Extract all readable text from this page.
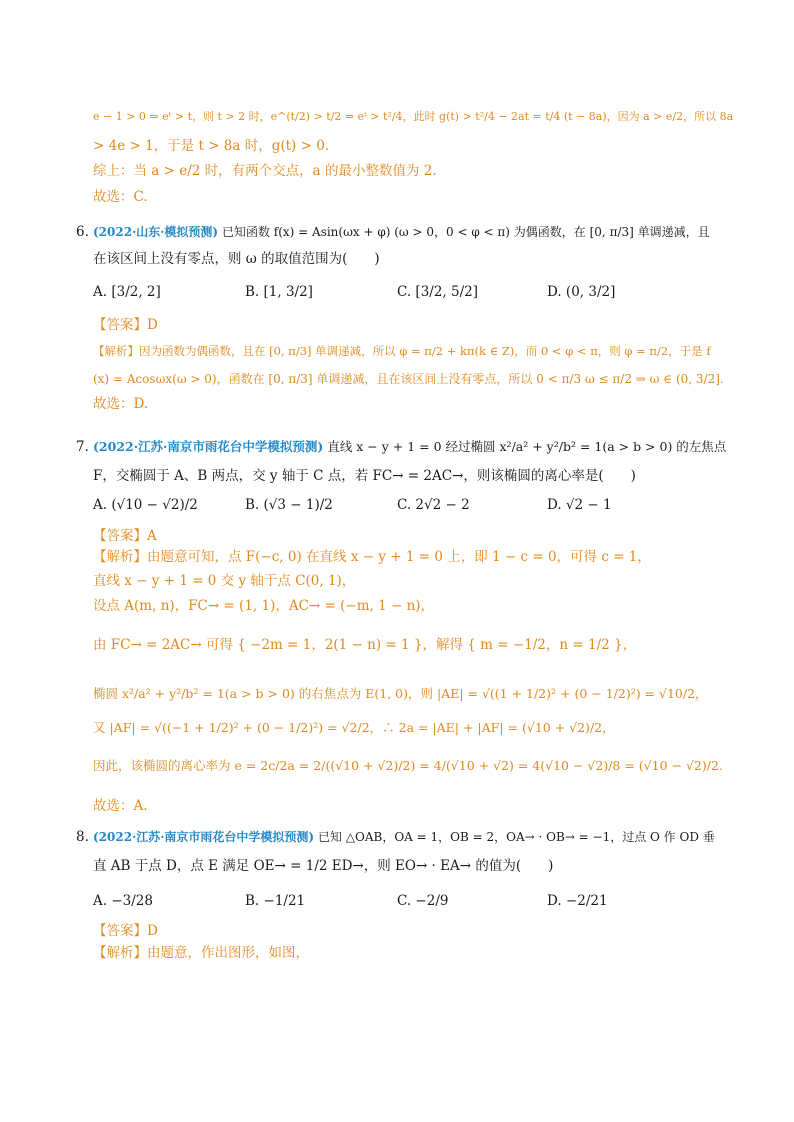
e − 1 > 0 ⇒ eᵗ > t，则 t > 2 时，e^(t/2) > t/2 ⇒ eᵗ > t²/4，此时 g(t) > t²/4 − 2at = t/4 (t − 8a)，因为 a > e/2，所以 8a
> 4e > 1，于是 t > 8a 时，g(t) > 0.
综上：当 a > e/2 时，有两个交点，a 的最小整数值为 2.
故选：C.
6. (2022·山东·模拟预测) 已知函数 f(x) = Asin(ωx + φ) (ω > 0，0 < φ < π) 为偶函数，在 [0, π/3] 单调递减，且
在该区间上没有零点，则 ω 的取值范围为(　　)
A. [3/2, 2]	B. [1, 3/2]	C. [3/2, 5/2]	D. (0, 3/2]
【答案】D
【解析】因为函数为偶函数，且在 [0, π/3] 单调递减，所以 φ = π/2 + kπ(k ∈ Z)，而 0 < φ < π，则 φ = π/2，于是 f
(x) = Acosωx(ω > 0)，函数在 [0, π/3] 单调递减，且在该区间上没有零点，所以 0 < π/3 ω ≤ π/2 ⇒ ω ∈ (0, 3/2].
故选：D.
7. (2022·江苏·南京市雨花台中学模拟预测) 直线 x − y + 1 = 0 经过椭圆 x²/a² + y²/b² = 1(a > b > 0) 的左焦点
F，交椭圆于 A、B 两点，交 y 轴于 C 点，若 FC→ = 2AC→，则该椭圆的离心率是(　　)
A. (√10 − √2)/2	B. (√3 − 1)/2	C. 2√2 − 2	D. √2 − 1
【答案】A
【解析】由题意可知，点 F(−c, 0) 在直线 x − y + 1 = 0 上，即 1 − c = 0，可得 c = 1，
直线 x − y + 1 = 0 交 y 轴于点 C(0, 1)，
设点 A(m, n)，FC→ = (1, 1)，AC→ = (−m, 1 − n)，
由 FC→ = 2AC→ 可得 { −2m = 1，2(1 − n) = 1 }，解得 { m = −1/2，n = 1/2 }，
椭圆 x²/a² + y²/b² = 1(a > b > 0) 的右焦点为 E(1, 0)，则 |AE| = √((1 + 1/2)² + (0 − 1/2)²) = √10/2，
又 |AF| = √((−1 + 1/2)² + (0 − 1/2)²) = √2/2，∴ 2a = |AE| + |AF| = (√10 + √2)/2，
因此，该椭圆的离心率为 e = 2c/2a = 2/((√10 + √2)/2) = 4/(√10 + √2) = 4(√10 − √2)/8 = (√10 − √2)/2.
故选：A.
8. (2022·江苏·南京市雨花台中学模拟预测) 已知 △OAB，OA = 1，OB = 2，OA→ · OB→ = −1，过点 O 作 OD 垂
直 AB 于点 D，点 E 满足 OE→ = 1/2 ED→，则 EO→ · EA→ 的值为(　　)
A. −3/28	B. −1/21	C. −2/9	D. −2/21
【答案】D
【解析】由题意，作出图形，如图，
